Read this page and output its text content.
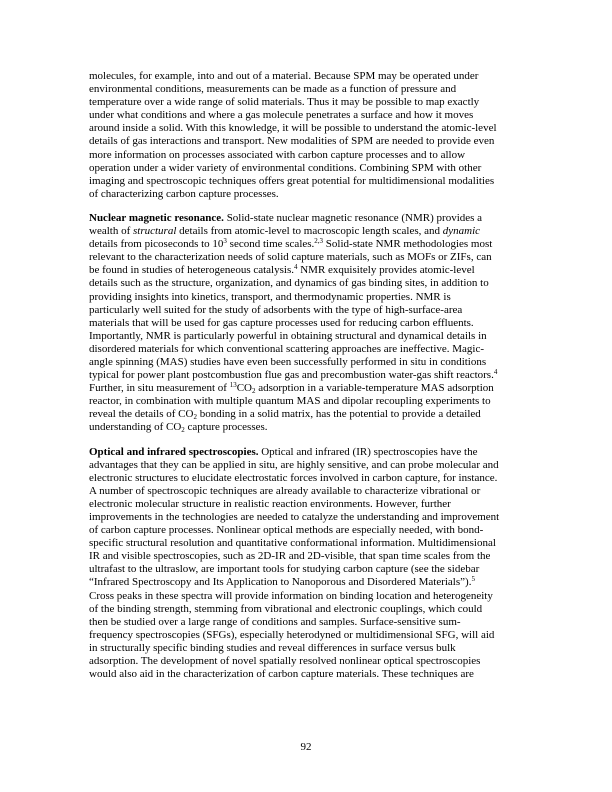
molecules, for example, into and out of a material. Because SPM may be operated under
environmental conditions, measurements can be made as a function of pressure and
temperature over a wide range of solid materials. Thus it may be possible to map exactly
under what conditions and where a gas molecule penetrates a surface and how it moves
around inside a solid. With this knowledge, it will be possible to understand the atomic-level
details of gas interactions and transport. New modalities of SPM are needed to provide even
more information on processes associated with carbon capture processes and to allow
operation under a wider variety of environmental conditions. Combining SPM with other
imaging and spectroscopic techniques offers great potential for multidimensional modalities
of characterizing carbon capture processes.

Nuclear magnetic resonance. Solid-state nuclear magnetic resonance (NMR) provides a
wealth of structural details from atomic-level to macroscopic length scales, and dynamic
details from picoseconds to $10^3$ second time scales.$^{2,3}$ Solid-state NMR methodologies most
relevant to the characterization needs of solid capture materials, such as MOFs or ZIFs, can
be found in studies of heterogeneous catalysis.$^4$ NMR exquisitely provides atomic-level
details such as the structure, organization, and dynamics of gas binding sites, in addition to
providing insights into kinetics, transport, and thermodynamic properties. NMR is
particularly well suited for the study of adsorbents with the type of high-surface-area
materials that will be used for gas capture processes used for reducing carbon effluents.
Importantly, NMR is particularly powerful in obtaining structural and dynamical details in
disordered materials for which conventional scattering approaches are ineffective. Magic-
angle spinning (MAS) studies have even been successfully performed in situ in conditions
typical for power plant postcombustion flue gas and precombustion water-gas shift reactors.$^4$
Further, in situ measurement of $^{13}CO_2$ adsorption in a variable-temperature MAS adsorption
reactor, in combination with multiple quantum MAS and dipolar recoupling experiments to
reveal the details of $CO_2$ bonding in a solid matrix, has the potential to provide a detailed
understanding of $CO_2$ capture processes.

Optical and infrared spectroscopies. Optical and infrared (IR) spectroscopies have the
advantages that they can be applied in situ, are highly sensitive, and can probe molecular and
electronic structures to elucidate electrostatic forces involved in carbon capture, for instance.
A number of spectroscopic techniques are already available to characterize vibrational or
electronic molecular structure in realistic reaction environments. However, further
improvements in the technologies are needed to catalyze the understanding and improvement
of carbon capture processes. Nonlinear optical methods are especially needed, with bond-
specific structural resolution and quantitative conformational information. Multidimensional
IR and visible spectroscopies, such as 2D-IR and 2D-visible, that span time scales from the
ultrafast to the ultraslow, are important tools for studying carbon capture (see the sidebar
“Infrared Spectroscopy and Its Application to Nanoporous and Disordered Materials”).$^5$
Cross peaks in these spectra will provide information on binding location and heterogeneity
of the binding strength, stemming from vibrational and electronic couplings, which could
then be studied over a large range of conditions and samples. Surface-sensitive sum-
frequency spectroscopies (SFGs), especially heterodyned or multidimensional SFG, will aid
in structurally specific binding studies and reveal differences in surface versus bulk
adsorption. The development of novel spatially resolved nonlinear optical spectroscopies
would also aid in the characterization of carbon capture materials. These techniques are

92
